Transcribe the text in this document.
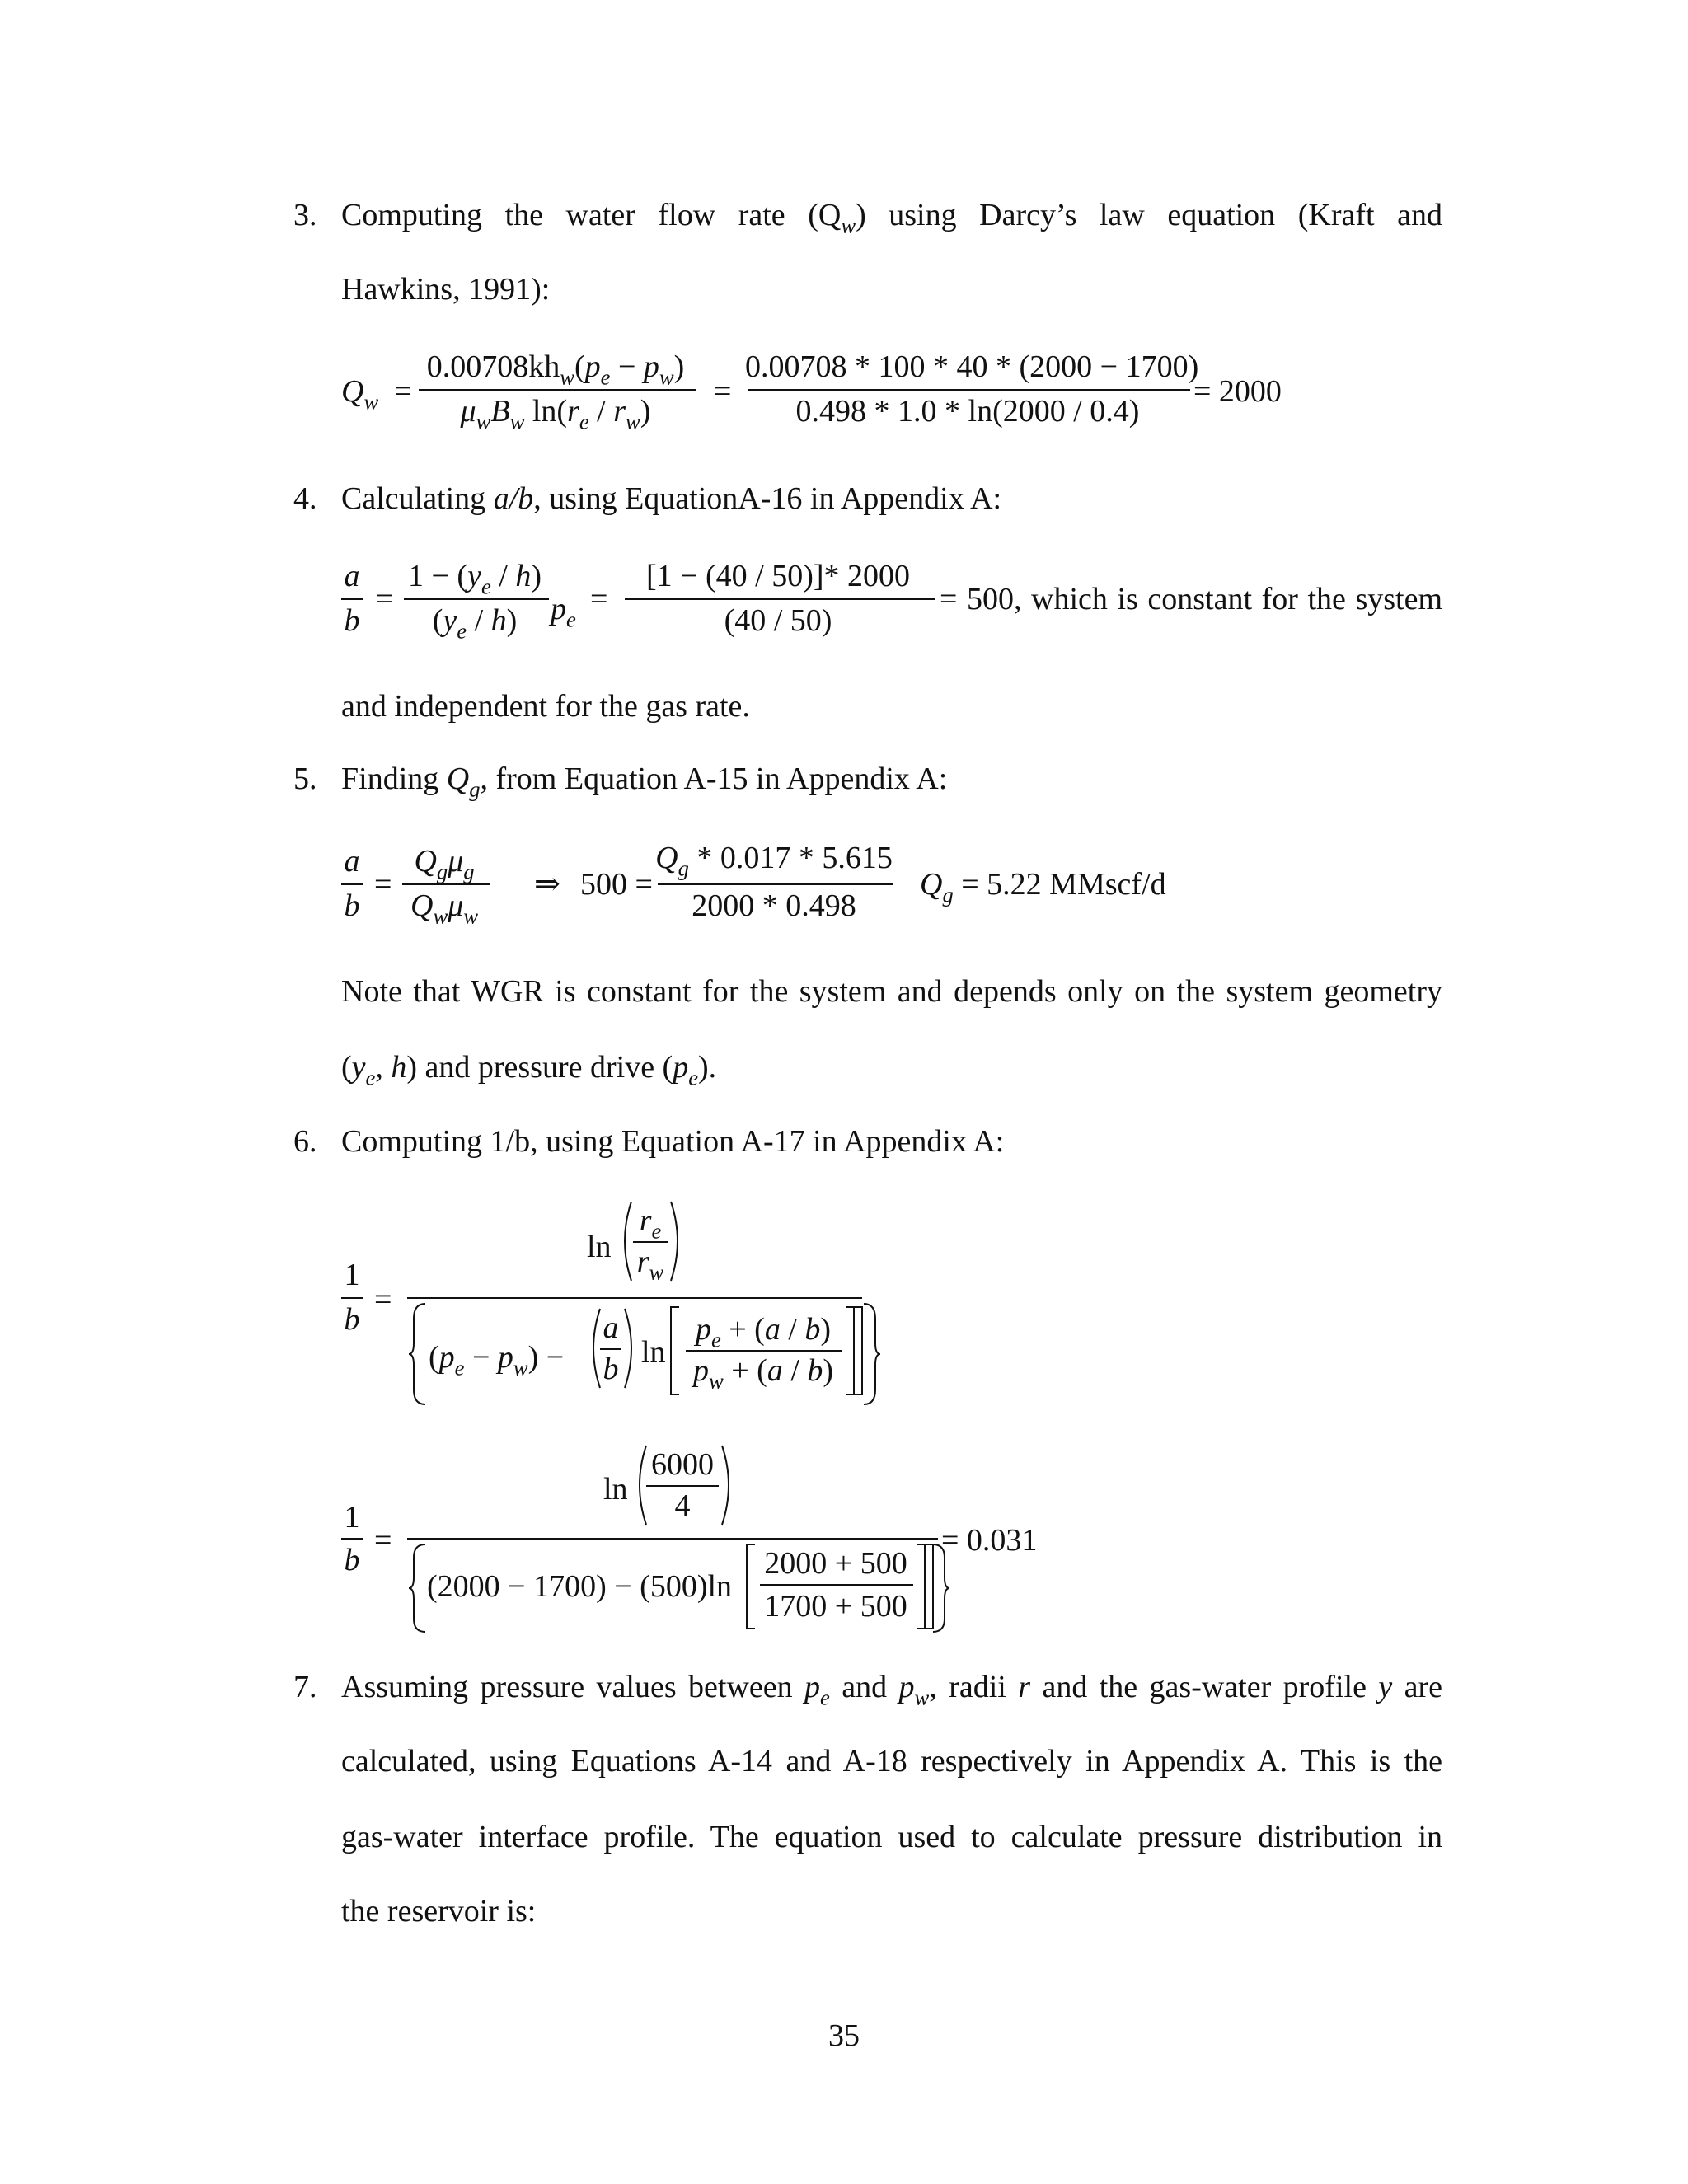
3. Computing the water flow rate $(Q_w)$ using Darcy’s law equation (Kraft and
Hawkins, 1991):
$Q_w$  =
$0.00708kh_w(p_e - p_w)$
$\mu_wB_w$ $\ln(r_e / r_w)$
=
0.00708 * 100 * 40 * (2000 − 1700)
0.498 * 1.0 * ln(2000 / 0.4)
= 2000
4. Calculating a/b, using EquationA-16 in Appendix A:
a
b
=
$1 - (y_e / h)$
$(y_e / h)$	$p_e$
=
[1 − (40 / 50)]* 2000
(40 / 50)
= 500, which is constant for the system
and independent for the gas rate.
5. Finding $Q_g$, from Equation A-15 in Appendix A:
a
b
=
$Q_g\mu_g$
$Q_w\mu_w$
⇒ 500 =
$Q_g * 0.017 * 5.615$
2000 * 0.498
$Q_g = 5.22$ MMscf/d
Note that WGR is constant for the system and depends only on the system geometry
($y_e$, h) and pressure drive $(p_e)$.
6. Computing 1/b, using Equation A-17 in Appendix A:
1
b
=
ln
$r_e$
$r_w$
$(p_e - p_w)$ −
a
b ln
$p_e + (a / b)$
$p_w + (a / b)$
1
b
=
ln
6000
4
(2000 − 1700) − (500)ln
2000 + 500
1700 + 500
= 0.031
7. Assuming pressure values between $p_e$ and $p_w$, radii r and the gas-water profile y are
calculated, using Equations A-14 and A-18 respectively in Appendix A. This is the
gas-water interface profile. The equation used to calculate pressure distribution in
the reservoir is:
35
